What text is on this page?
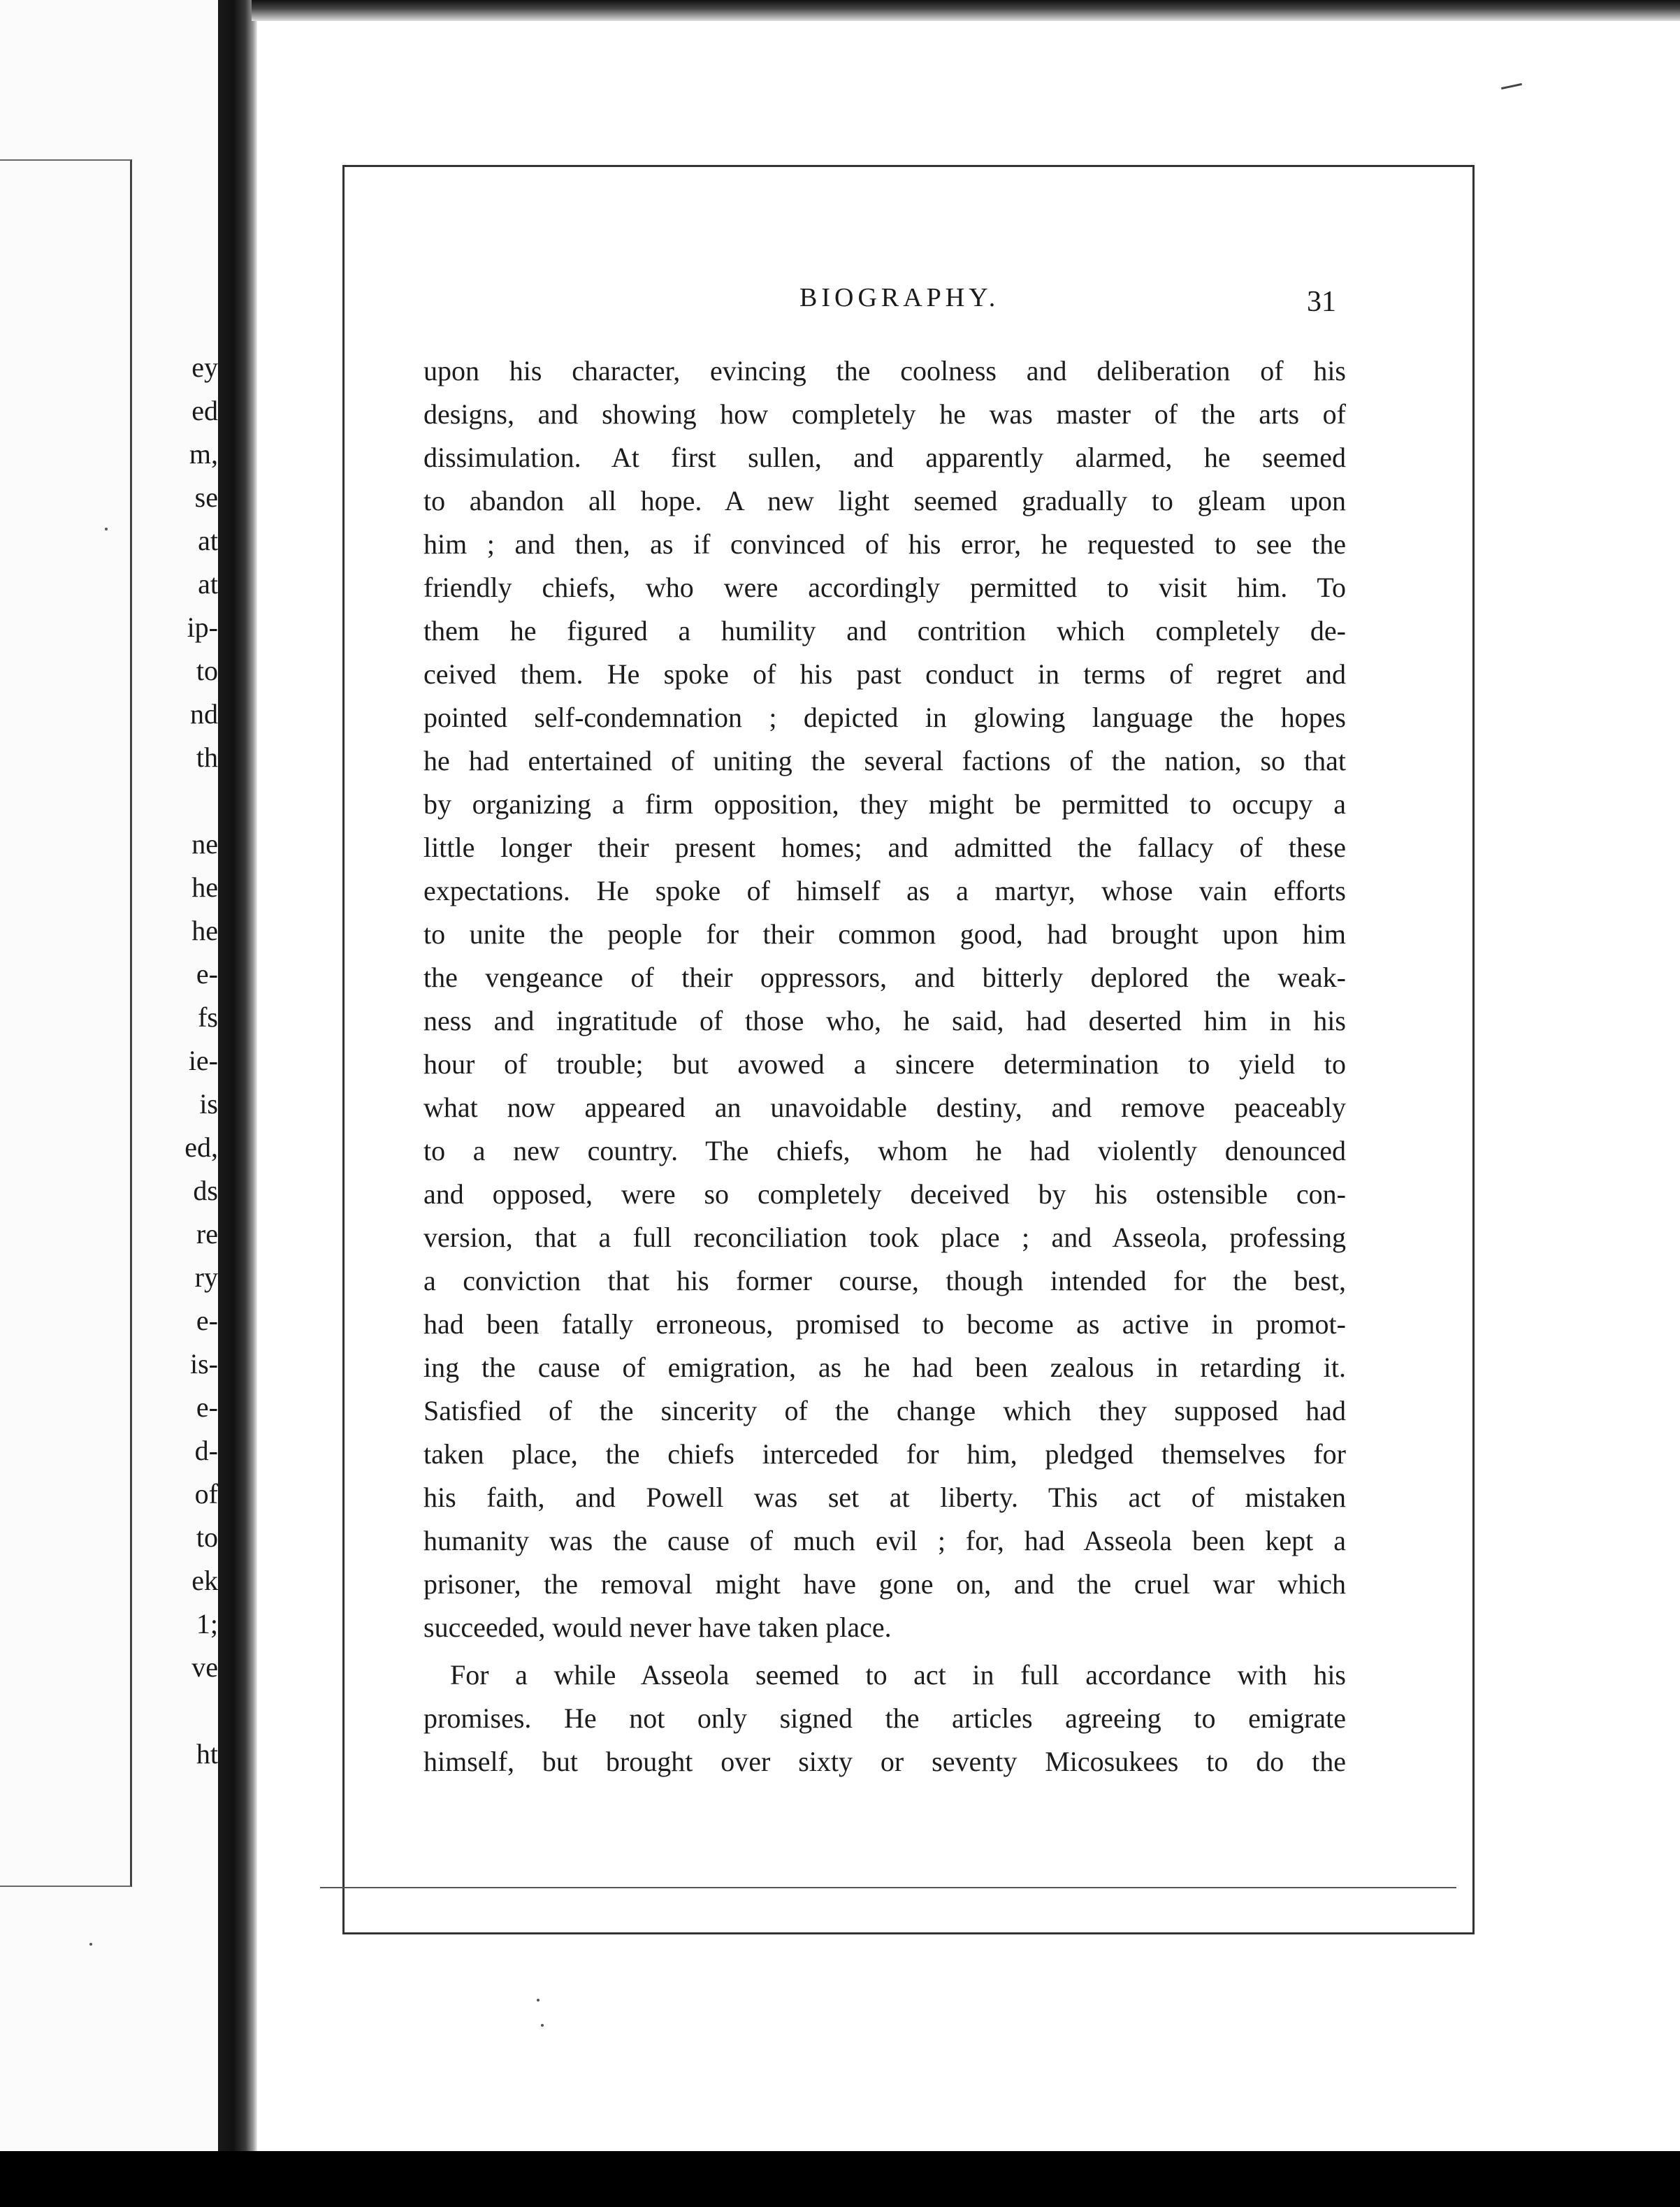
ey
ed
m,
se
at
at
ip-
to
nd
th
ne
he
he
e-
fs
ie-
is
ed,
ds
re
ry
e-
is-
e-
d-
of
to
ek
1;
ve
ht
BIOGRAPHY.	31
upon his character, evincing the coolness and deliberation of his
designs, and showing how completely he was master of the arts of
dissimulation. At first sullen, and apparently alarmed, he seemed
to abandon all hope. A new light seemed gradually to gleam upon
him ; and then, as if convinced of his error, he requested to see the
friendly chiefs, who were accordingly permitted to visit him. To
them he figured a humility and contrition which completely de-
ceived them. He spoke of his past conduct in terms of regret and
pointed self-condemnation ; depicted in glowing language the hopes
he had entertained of uniting the several factions of the nation, so that
by organizing a firm opposition, they might be permitted to occupy a
little longer their present homes; and admitted the fallacy of these
expectations. He spoke of himself as a martyr, whose vain efforts
to unite the people for their common good, had brought upon him
the vengeance of their oppressors, and bitterly deplored the weak-
ness and ingratitude of those who, he said, had deserted him in his
hour of trouble; but avowed a sincere determination to yield to
what now appeared an unavoidable destiny, and remove peaceably
to a new country. The chiefs, whom he had violently denounced
and opposed, were so completely deceived by his ostensible con-
version, that a full reconciliation took place ; and Asseola, professing
a conviction that his former course, though intended for the best,
had been fatally erroneous, promised to become as active in promot-
ing the cause of emigration, as he had been zealous in retarding it.
Satisfied of the sincerity of the change which they supposed had
taken place, the chiefs interceded for him, pledged themselves for
his faith, and Powell was set at liberty. This act of mistaken
humanity was the cause of much evil ; for, had Asseola been kept a
prisoner, the removal might have gone on, and the cruel war which
succeeded, would never have taken place.
For a while Asseola seemed to act in full accordance with his
promises. He not only signed the articles agreeing to emigrate
himself, but brought over sixty or seventy Micosukees to do the
